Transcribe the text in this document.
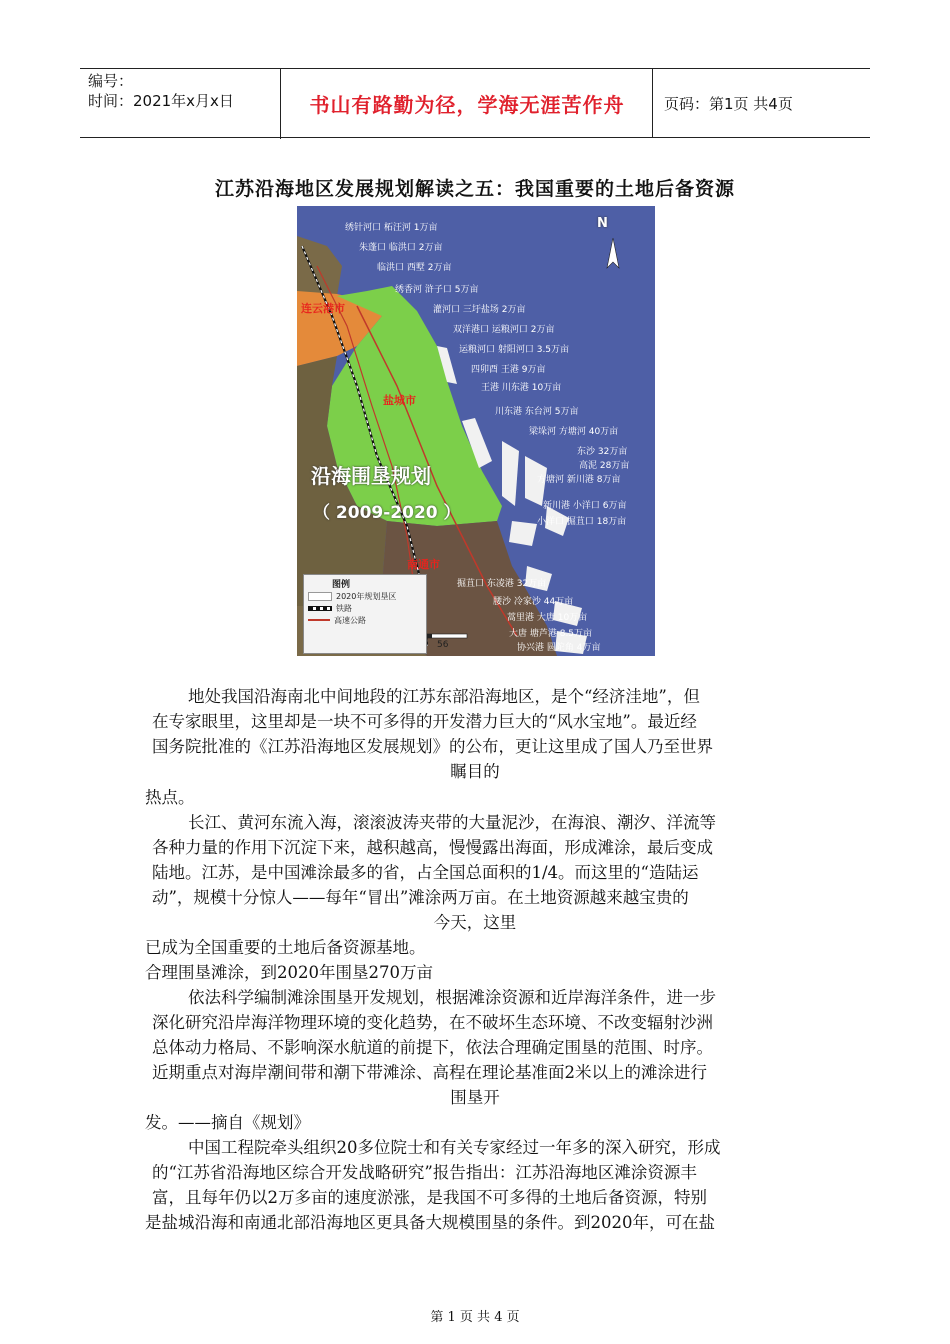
编号：
时间：2021年x月x日	书山有路勤为径，学海无涯苦作舟	页码：第1页 共4页
江苏沿海地区发展规划解读之五：我国重要的土地后备资源
N
连云港市
盐城市
南通市
沿海围垦规划
（ 2009-2020 ）
绣针河口 柘汪河 1万亩
朱蓬口 临洪口 2万亩
临洪口 西墅 2万亩
绣香河 浒子口 5万亩
灌河口 三圩盐场 2万亩
双洋港口 运粮河口 2万亩
运粮河口 射阳河口 3.5万亩
四卯酉 王港 9万亩
王港 川东港 10万亩
川东港 东台河 5万亩
梁垛河 方塘河 40万亩
东沙 32万亩
高泥 28万亩
方塘河 新川港 8万亩
新川港 小洋口 6万亩
小洋口 掘苴口 18万亩
掘苴口 东凌港 32万亩
腰沙 冷家沙 44万亩
蒿里港 大唐 10万亩
大唐 塘芦港 8.5万亩
协兴港 圆陀角 4万亩
图例
2020年规划垦区
铁路
高速公路
56
地处我国沿海南北中间地段的江苏东部沿海地区，是个“经济洼地”，但
在专家眼里，这里却是一块不可多得的开发潜力巨大的“风水宝地”。最近经
国务院批准的《江苏沿海地区发展规划》的公布，更让这里成了国人乃至世界
瞩目的
热点。
长江、黄河东流入海，滚滚波涛夹带的大量泥沙，在海浪、潮汐、洋流等
各种力量的作用下沉淀下来，越积越高，慢慢露出海面，形成滩涂，最后变成
陆地。江苏，是中国滩涂最多的省，占全国总面积的1/4。而这里的“造陆运
动”，规模十分惊人——每年“冒出”滩涂两万亩。在土地资源越来越宝贵的
今天，这里
已成为全国重要的土地后备资源基地。
合理围垦滩涂，到2020年围垦270万亩
依法科学编制滩涂围垦开发规划，根据滩涂资源和近岸海洋条件，进一步
深化研究沿岸海洋物理环境的变化趋势，在不破坏生态环境、不改变辐射沙洲
总体动力格局、不影响深水航道的前提下，依法合理确定围垦的范围、时序。
近期重点对海岸潮间带和潮下带滩涂、高程在理论基准面2米以上的滩涂进行
围垦开
发。——摘自《规划》
中国工程院牵头组织20多位院士和有关专家经过一年多的深入研究，形成
的“江苏省沿海地区综合开发战略研究”报告指出：江苏沿海地区滩涂资源丰
富，且每年仍以2万多亩的速度淤涨，是我国不可多得的土地后备资源，特别
是盐城沿海和南通北部沿海地区更具备大规模围垦的条件。到2020年，可在盐
第 1 页 共 4 页
